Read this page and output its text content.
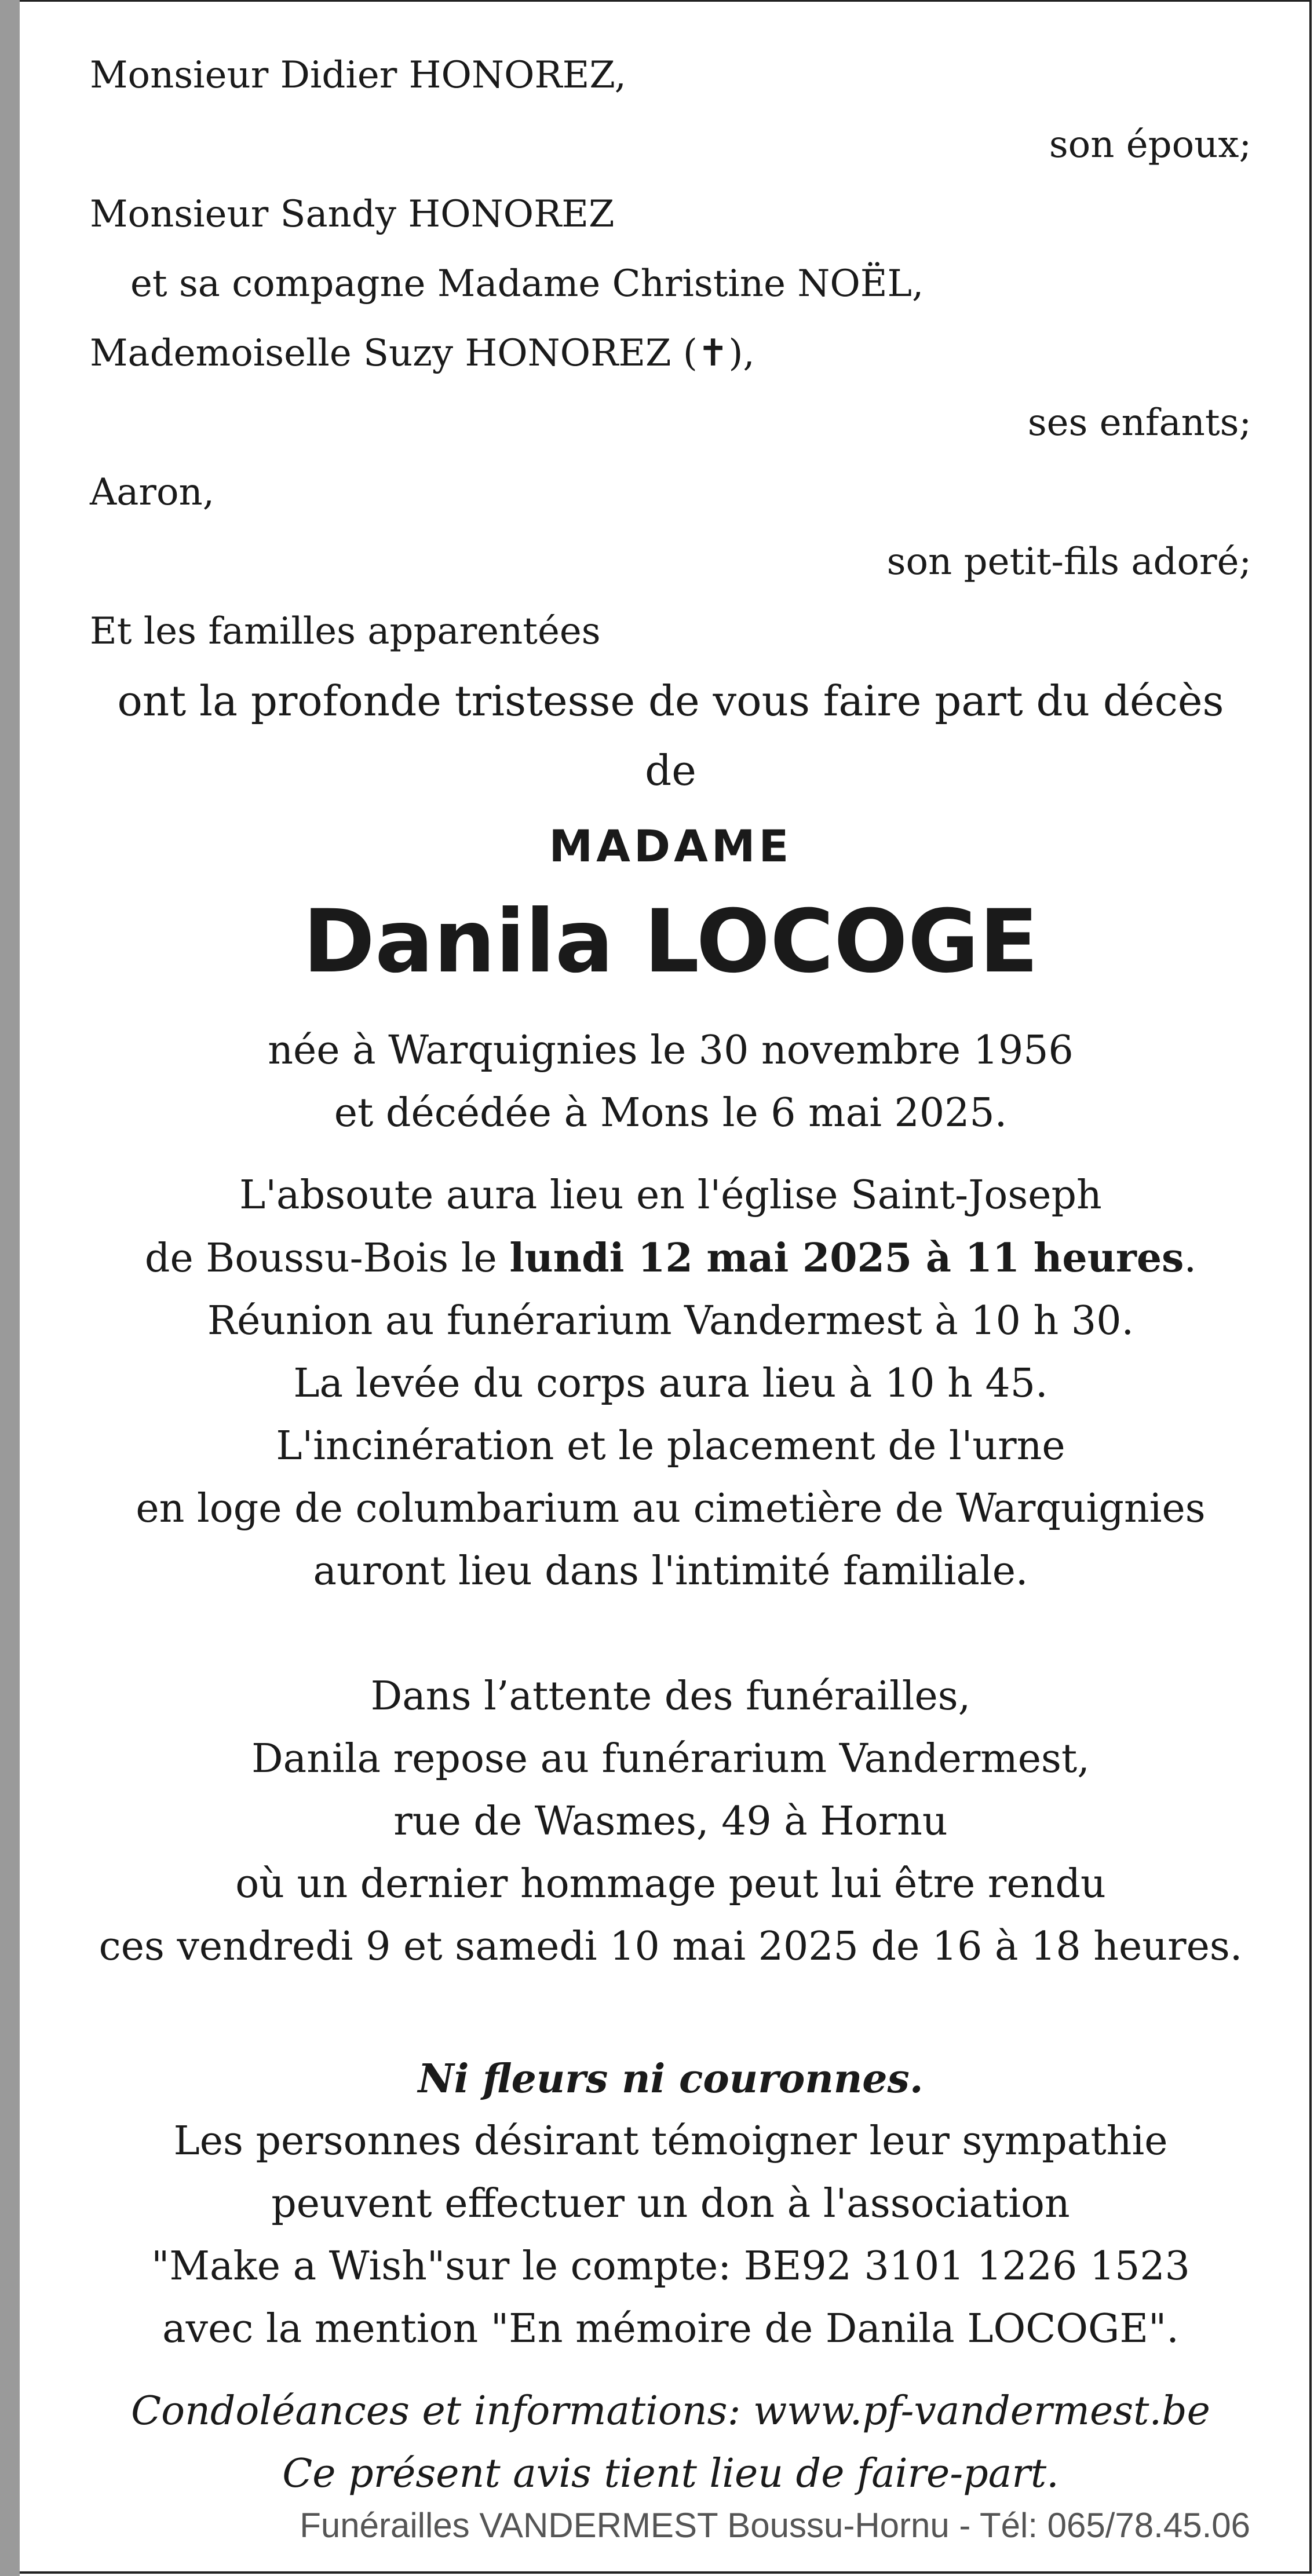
Monsieur Didier HONOREZ,
son époux;
Monsieur Sandy HONOREZ
et sa compagne Madame Christine NOËL,
Mademoiselle Suzy HONOREZ (✝),
ses enfants;
Aaron,
son petit-fils adoré;
Et les familles apparentées
ont la profonde tristesse de vous faire part du décès de
MADAME
Danila LOCOGE
née à Warquignies le 30 novembre 1956
et décédée à Mons le 6 mai 2025.
L'absoute aura lieu en l'église Saint-Joseph
de Boussu-Bois le lundi 12 mai 2025 à 11 heures.
Réunion au funérarium Vandermest à 10 h 30.
La levée du corps aura lieu à 10 h 45.
L'incinération et le placement de l'urne
en loge de columbarium au cimetière de Warquignies
auront lieu dans l'intimité familiale.
Dans l’attente des funérailles,
Danila repose au funérarium Vandermest,
rue de Wasmes, 49 à Hornu
où un dernier hommage peut lui être rendu
ces vendredi 9 et samedi 10 mai 2025 de 16 à 18 heures.
Ni fleurs ni couronnes.
Les personnes désirant témoigner leur sympathie
peuvent effectuer un don à l'association
"Make a Wish"sur le compte: BE92 3101 1226 1523
avec la mention "En mémoire de Danila LOCOGE".
Condoléances et informations: www.pf-vandermest.be
Ce présent avis tient lieu de faire-part.
Funérailles VANDERMEST Boussu-Hornu - Tél: 065/78.45.06
